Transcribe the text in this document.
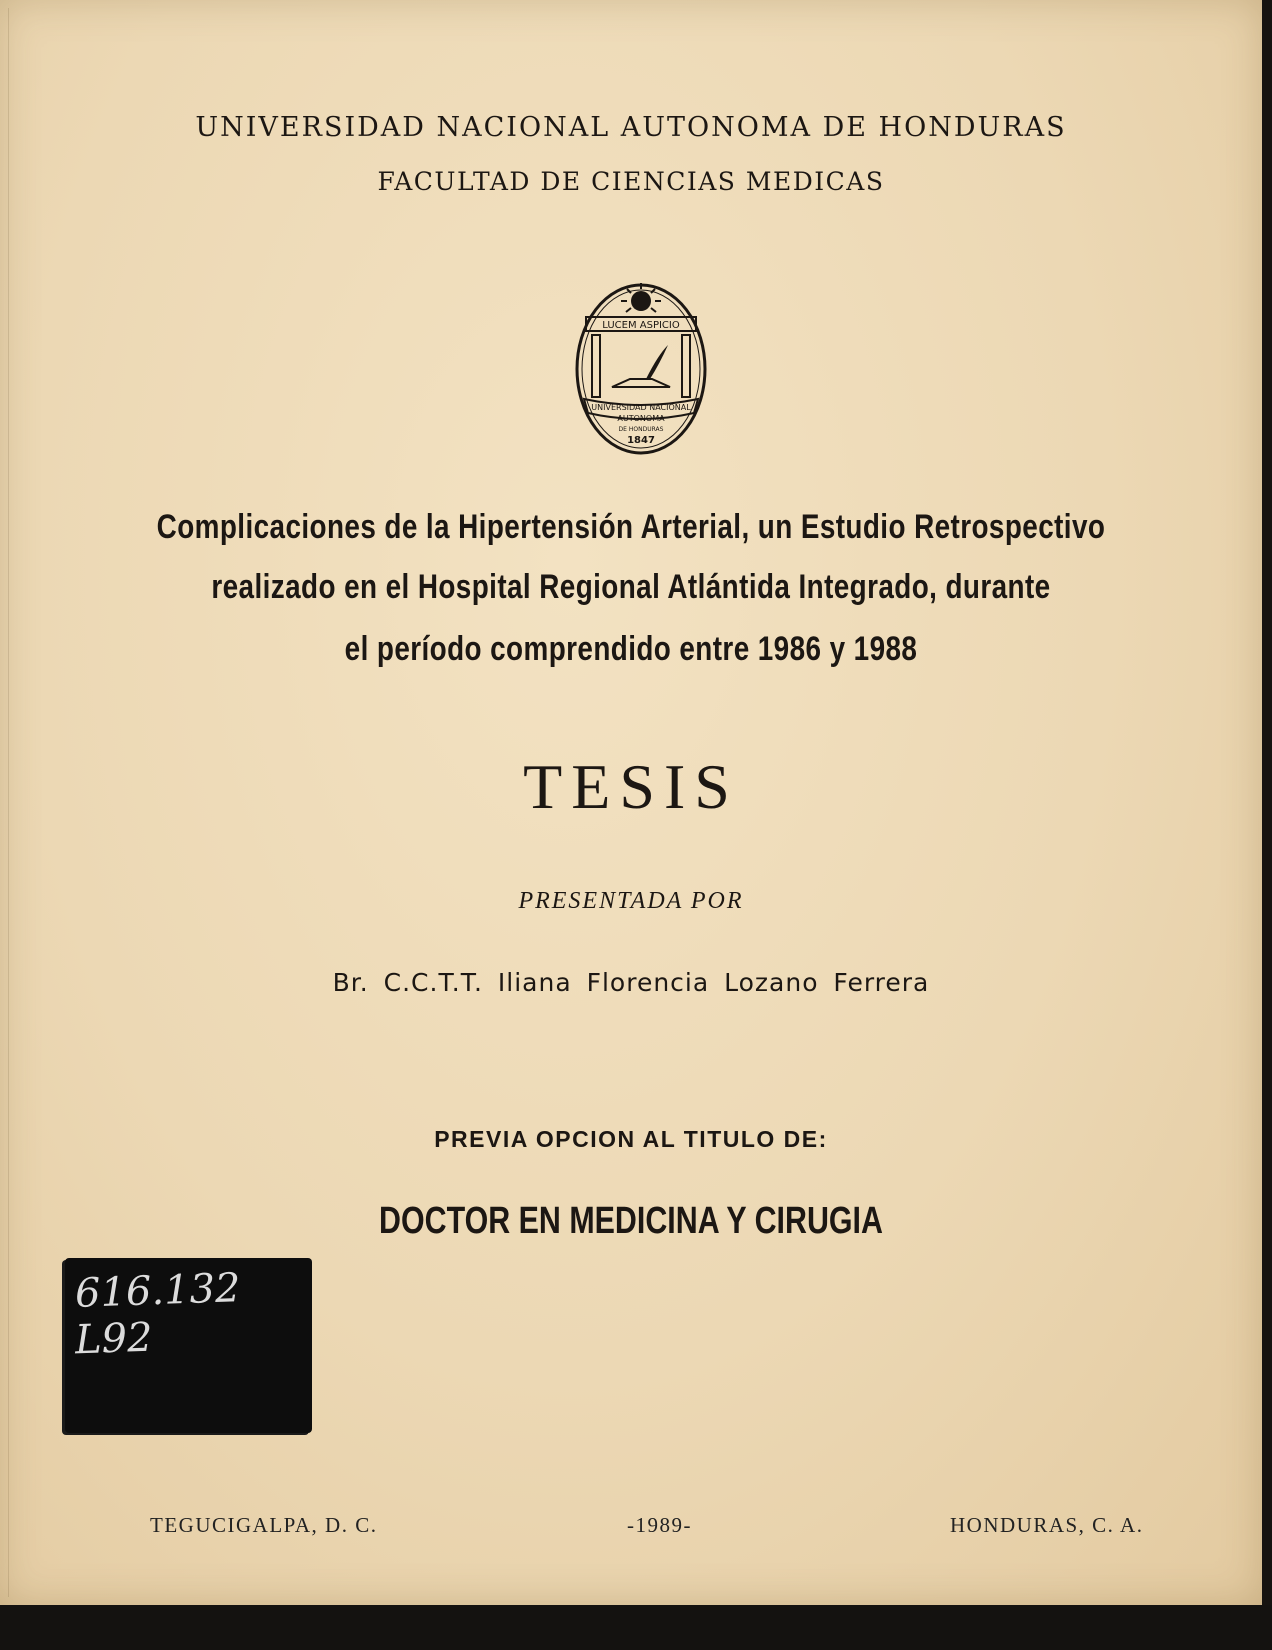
UNIVERSIDAD NACIONAL AUTONOMA DE HONDURAS

FACULTAD DE CIENCIAS MEDICAS

LUCEM ASPICIO
UNIVERSIDAD NACIONAL
AUTONOMA
DE HONDURAS
1847

Complicaciones de la Hipertensión Arterial, un Estudio Retrospectivo

realizado en el Hospital Regional Atlántida Integrado, durante

el período comprendido entre 1986 y 1988

TESIS

PRESENTADA POR

Br. C.C.T.T. Iliana Florencia Lozano Ferrera

PREVIA OPCION AL TITULO DE:

DOCTOR EN MEDICINA Y CIRUGIA

616.132
L92
TEGUCIGALPA, D. C.	-1989-	HONDURAS, C. A.
